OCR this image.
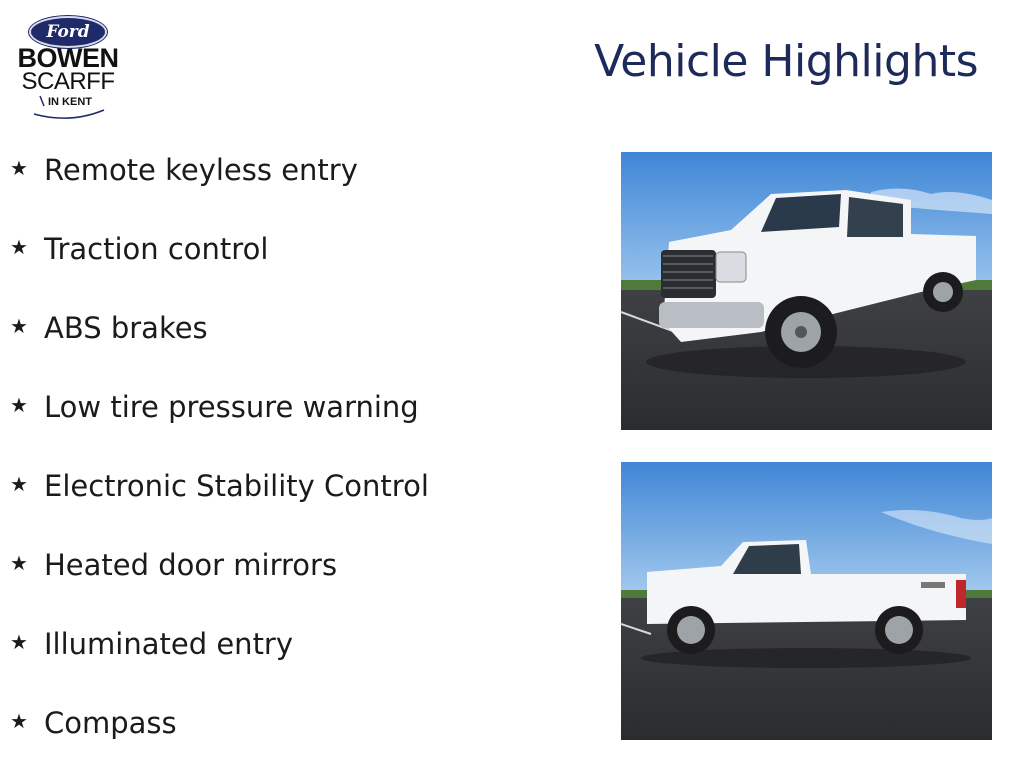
Ford
BOWEN
SCARFF
IN KENT
Vehicle Highlights
★ Remote keyless entry
★ Traction control
★ ABS brakes
★ Low tire pressure warning
★ Electronic Stability Control
★ Heated door mirrors
★ Illuminated entry
★ Compass
